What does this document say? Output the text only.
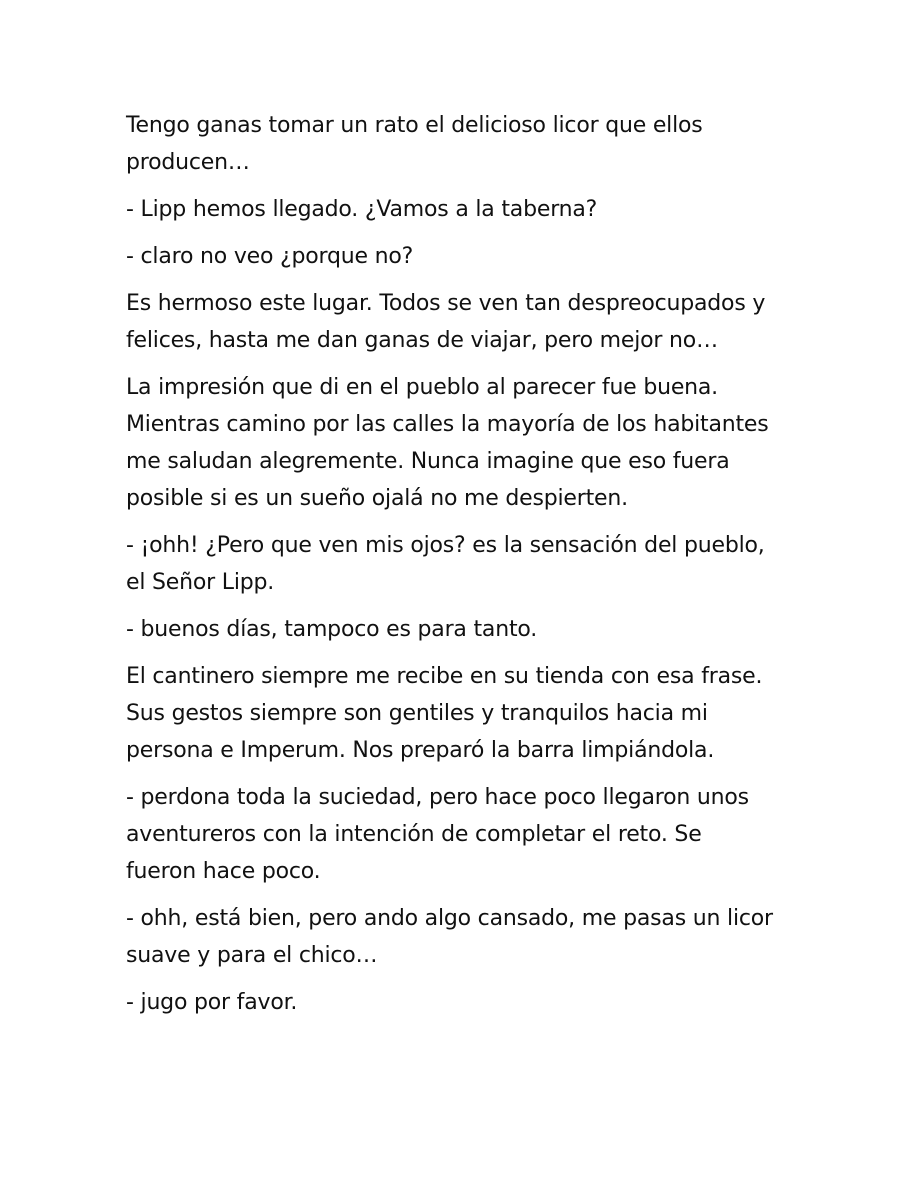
Tengo ganas tomar un rato el delicioso licor que ellos producen…

- Lipp hemos llegado. ¿Vamos a la taberna?

- claro no veo ¿porque no?

Es hermoso este lugar. Todos se ven tan despreocupados y felices, hasta me dan ganas de viajar, pero mejor no…

La impresión que di en el pueblo al parecer fue buena. Mientras camino por las calles la mayoría de los habitantes me saludan alegremente. Nunca imagine que eso fuera posible si es un sueño ojalá no me despierten.

- ¡ohh! ¿Pero que ven mis ojos? es la sensación del pueblo, el Señor Lipp.

- buenos días, tampoco es para tanto.

El cantinero siempre me recibe en su tienda con esa frase. Sus gestos siempre son gentiles y tranquilos hacia mi persona e Imperum. Nos preparó la barra limpiándola.

- perdona toda la suciedad, pero hace poco llegaron unos aventureros con la intención de completar el reto. Se fueron hace poco.

- ohh, está bien, pero ando algo cansado, me pasas un licor suave y para el chico…

- jugo por favor.
